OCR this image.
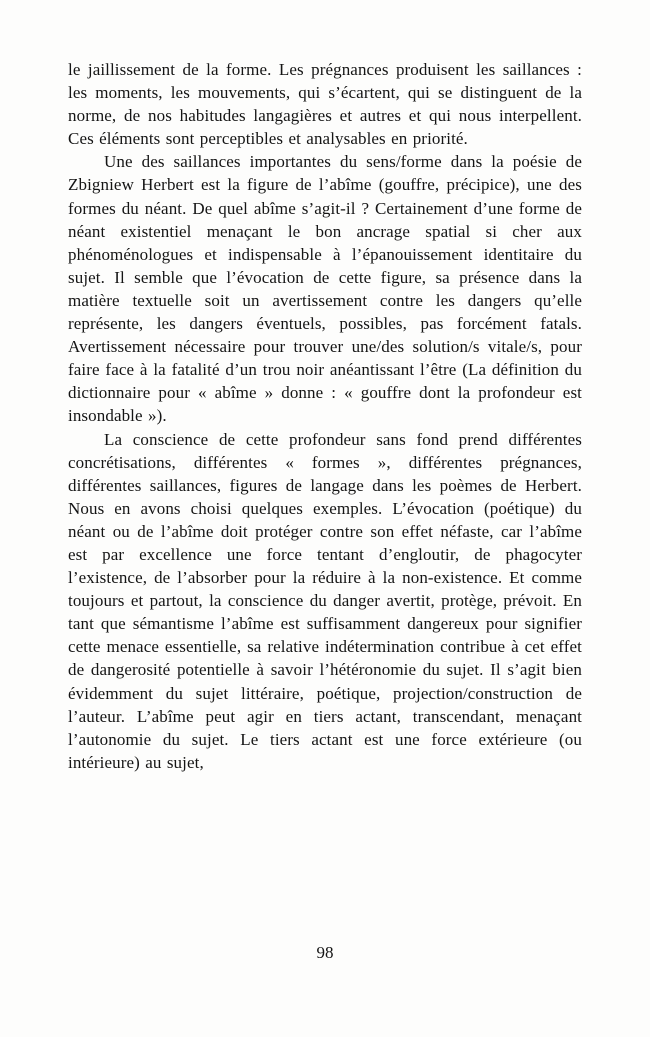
le jaillissement de la forme. Les prégnances produisent les saillances : les moments, les mouvements, qui s’écartent, qui se distinguent de la norme, de nos habitudes langagières et autres et qui nous interpellent. Ces éléments sont perceptibles et analysables en priorité.

Une des saillances importantes du sens/forme dans la poésie de Zbigniew Herbert est la figure de l’abîme (gouffre, précipice), une des formes du néant. De quel abîme s’agit-il ? Certainement d’une forme de néant existentiel menaçant le bon ancrage spatial si cher aux phénoménologues et indispensable à l’épanouissement identitaire du sujet. Il semble que l’évocation de cette figure, sa présence dans la matière textuelle soit un avertissement contre les dangers qu’elle représente, les dangers éventuels, possibles, pas forcément fatals. Avertissement nécessaire pour trouver une/des solution/s vitale/s, pour faire face à la fatalité d’un trou noir anéantissant l’être (La définition du dictionnaire pour « abîme » donne : « gouffre dont la profondeur est insondable »).

La conscience de cette profondeur sans fond prend différentes concrétisations, différentes « formes », différentes prégnances, différentes saillances, figures de langage dans les poèmes de Herbert. Nous en avons choisi quelques exemples. L’évocation (poétique) du néant ou de l’abîme doit protéger contre son effet néfaste, car l’abîme est par excellence une force tentant d’engloutir, de phagocyter l’existence, de l’absorber pour la réduire à la non-existence. Et comme toujours et partout, la conscience du danger avertit, protège, prévoit. En tant que sémantisme l’abîme est suffisamment dangereux pour signifier cette menace essentielle, sa relative indétermination contribue à cet effet de dangerosité potentielle à savoir l’hétéronomie du sujet. Il s’agit bien évidemment du sujet littéraire, poétique, projection/construction de l’auteur. L’abîme peut agir en tiers actant, transcendant, menaçant l’autonomie du sujet. Le tiers actant est une force extérieure (ou intérieure) au sujet,

98
